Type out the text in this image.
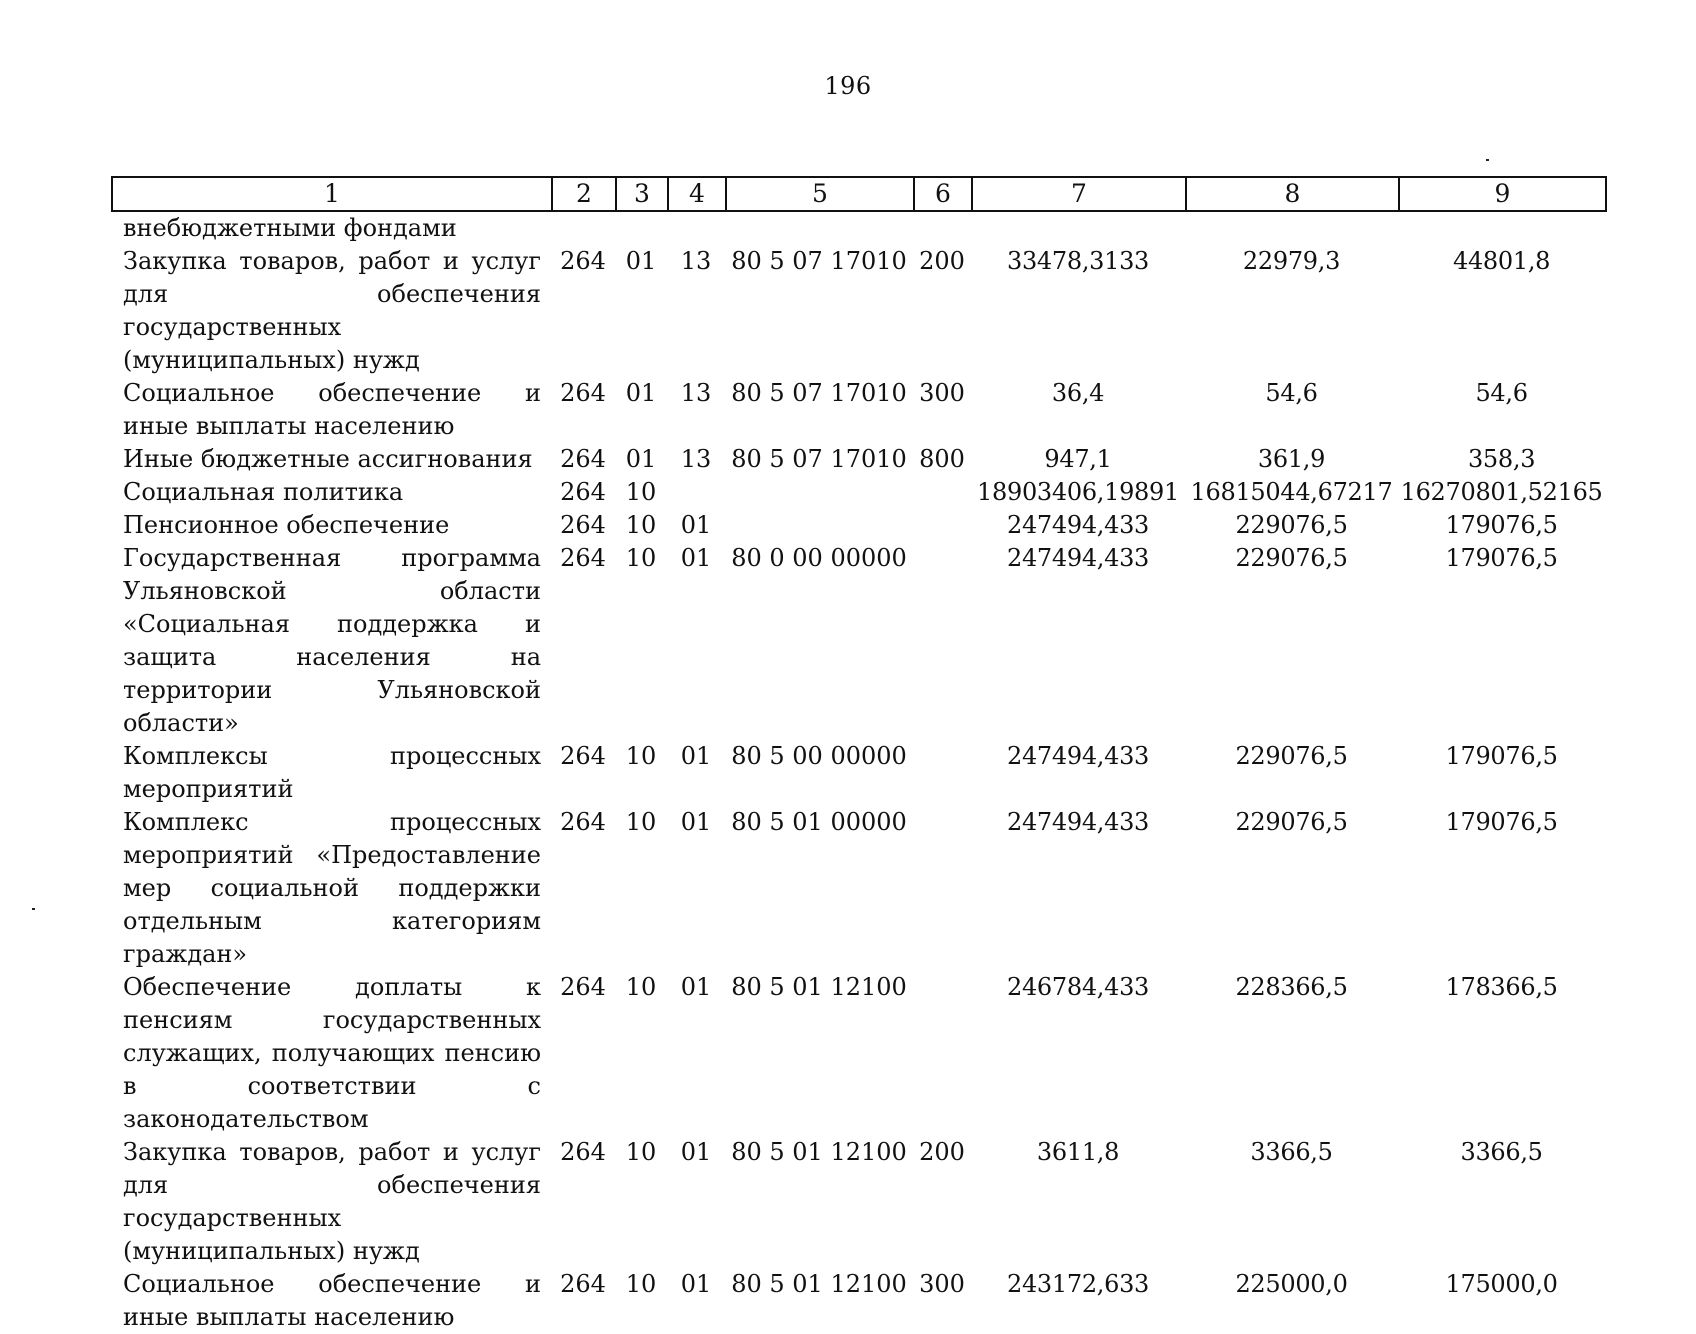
196
1	2	3	4	5	6	7	8	9
внебюджетными фондами								
Закупка товаров, работ и услуг для обеспечения государственных (муниципальных) нужд	264	01	13	80 5 07 17010	200	33478,3133	22979,3	44801,8
Социальное обеспечение и иные выплаты населению	264	01	13	80 5 07 17010	300	36,4	54,6	54,6
Иные бюджетные ассигнования	264	01	13	80 5 07 17010	800	947,1	361,9	358,3
Социальная политика	264	10				18903406,19891	16815044,67217	16270801,52165
Пенсионное обеспечение	264	10	01			247494,433	229076,5	179076,5
Государственная программа Ульяновской области «Социальная поддержка и защита населения на территории Ульяновской области»	264	10	01	80 0 00 00000		247494,433	229076,5	179076,5
Комплексы процессных мероприятий	264	10	01	80 5 00 00000		247494,433	229076,5	179076,5
Комплекс процессных мероприятий «Предоставление мер социальной поддержки отдельным категориям граждан»	264	10	01	80 5 01 00000		247494,433	229076,5	179076,5
Обеспечение доплаты к пенсиям государственных служащих, получающих пенсию в соответствии с законодательством	264	10	01	80 5 01 12100		246784,433	228366,5	178366,5
Закупка товаров, работ и услуг для обеспечения государственных (муниципальных) нужд	264	10	01	80 5 01 12100	200	3611,8	3366,5	3366,5
Социальное обеспечение и иные выплаты населению	264	10	01	80 5 01 12100	300	243172,633	225000,0	175000,0
